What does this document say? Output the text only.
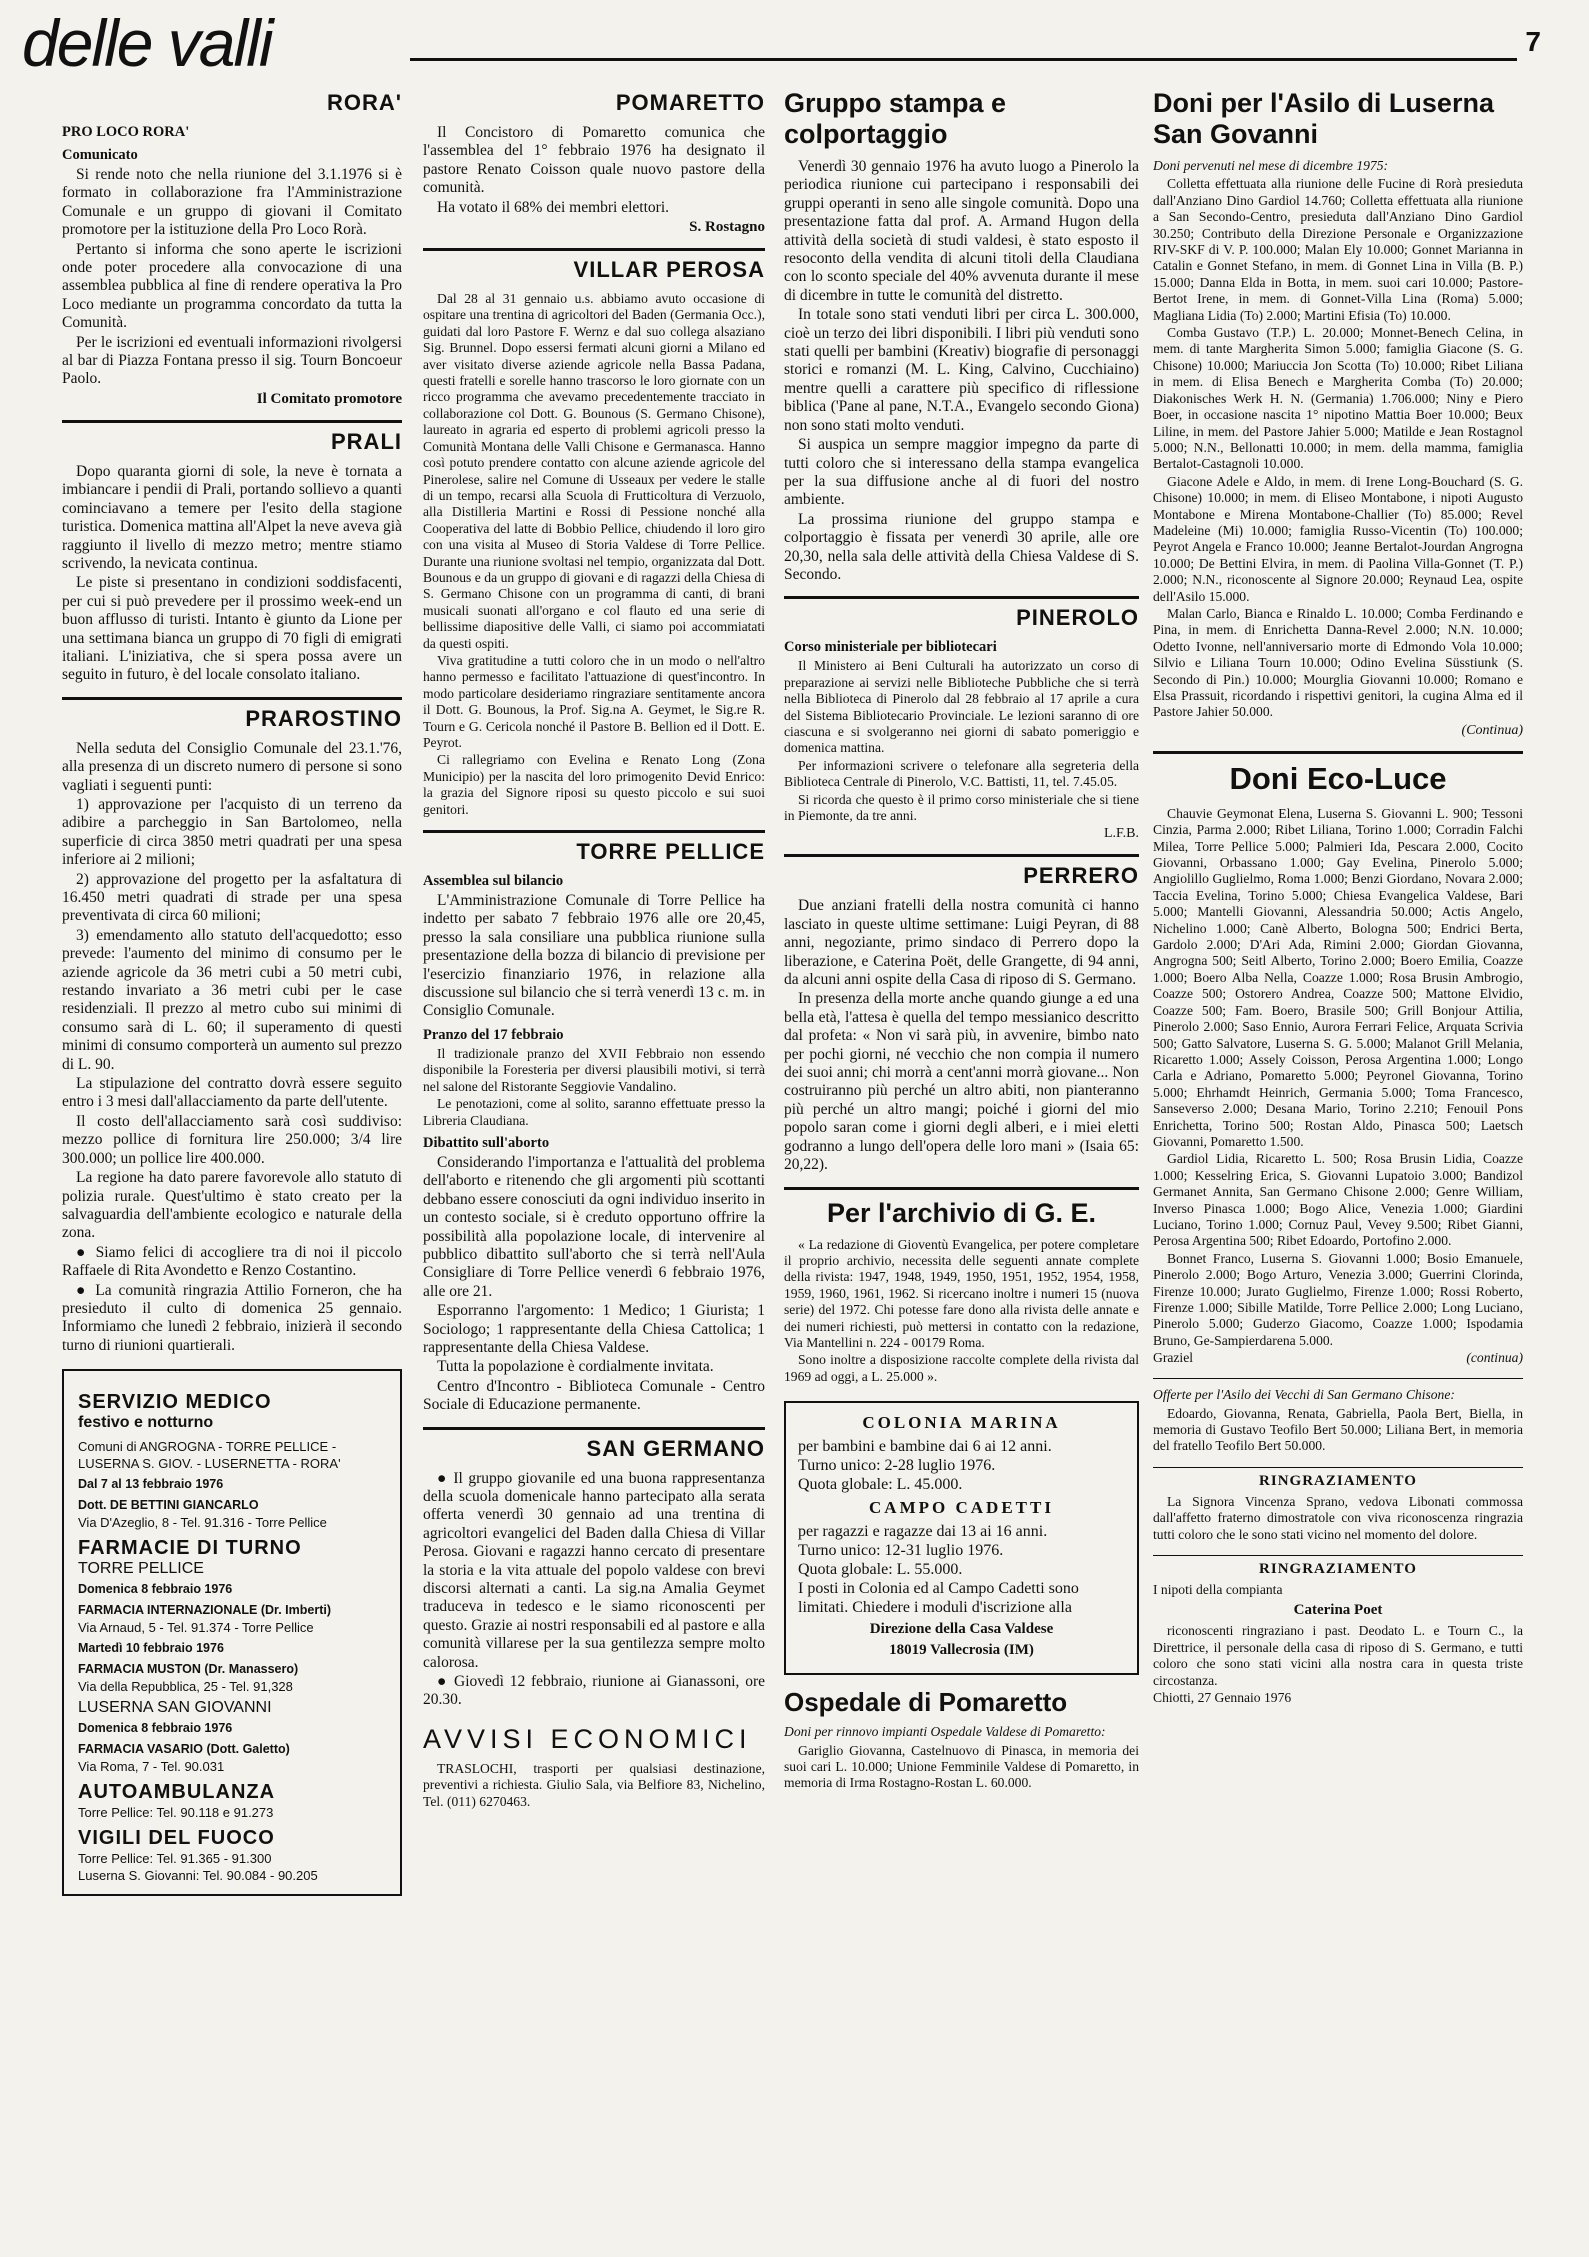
delle valli	7
RORA'
PRO LOCO RORA'
Comunicato

Si rende noto che nella riunione del 3.1.1976 si è formato in collaborazione fra l'Amministrazione Comunale e un gruppo di giovani il Comitato promotore per la istituzione della Pro Loco Rorà.

Pertanto si informa che sono aperte le iscrizioni onde poter procedere alla convocazione di una assemblea pubblica al fine di rendere operativa la Pro Loco mediante un programma concordato da tutta la Comunità.

Per le iscrizioni ed eventuali informazioni rivolgersi al bar di Piazza Fontana presso il sig. Tourn Boncoeur Paolo.

Il Comitato promotore
PRALI

Dopo quaranta giorni di sole, la neve è tornata a imbiancare i pendii di Prali, portando sollievo a quanti cominciavano a temere per l'esito della stagione turistica. Domenica mattina all'Alpet la neve aveva già raggiunto il livello di mezzo metro; mentre stiamo scrivendo, la nevicata continua.

Le piste si presentano in condizioni soddisfacenti, per cui si può prevedere per il prossimo week-end un buon afflusso di turisti. Intanto è giunto da Lione per una settimana bianca un gruppo di 70 figli di emigrati italiani. L'iniziativa, che si spera possa avere un seguito in futuro, è del locale consolato italiano.

PRAROSTINO

Nella seduta del Consiglio Comunale del 23.1.'76, alla presenza di un discreto numero di persone si sono vagliati i seguenti punti:

1) approvazione per l'acquisto di un terreno da adibire a parcheggio in San Bartolomeo, nella superficie di circa 3850 metri quadrati per una spesa inferiore ai 2 milioni;

2) approvazione del progetto per la asfaltatura di 16.450 metri quadrati di strade per una spesa preventivata di circa 60 milioni;

3) emendamento allo statuto dell'acquedotto; esso prevede: l'aumento del minimo di consumo per le aziende agricole da 36 metri cubi a 50 metri cubi, restando invariato a 36 metri cubi per le case residenziali. Il prezzo al metro cubo sui minimi di consumo sarà di L. 60; il superamento di questi minimi di consumo comporterà un aumento sul prezzo di L. 90.

La stipulazione del contratto dovrà essere seguito entro i 3 mesi dall'allacciamento da parte dell'utente.

Il costo dell'allacciamento sarà così suddiviso: mezzo pollice di fornitura lire 250.000; 3/4 lire 300.000; un pollice lire 400.000.

La regione ha dato parere favorevole allo statuto di polizia rurale. Quest'ultimo è stato creato per la salvaguardia dell'ambiente ecologico e naturale della zona.

● Siamo felici di accogliere tra di noi il piccolo Raffaele di Rita Avondetto e Renzo Costantino.

● La comunità ringrazia Attilio Forneron, che ha presieduto il culto di domenica 25 gennaio. Informiamo che lunedì 2 febbraio, inizierà il secondo turno di riunioni quartierali.

SERVIZIO MEDICO
festivo e notturno

Comuni di ANGROGNA - TORRE PELLICE -

LUSERNA S. GIOV. - LUSERNETTA - RORA'

Dal 7 al 13 febbraio 1976

Dott. DE BETTINI GIANCARLO

Via D'Azeglio, 8 - Tel. 91.316 - Torre Pellice

FARMACIE DI TURNO

TORRE PELLICE

Domenica 8 febbraio 1976

FARMACIA INTERNAZIONALE (Dr. Imberti)

Via Arnaud, 5 - Tel. 91.374 - Torre Pellice

Martedì 10 febbraio 1976

FARMACIA MUSTON (Dr. Manassero)

Via della Repubblica, 25 - Tel. 91,328

LUSERNA SAN GIOVANNI

Domenica 8 febbraio 1976

FARMACIA VASARIO (Dott. Galetto)

Via Roma, 7 - Tel. 90.031

AUTOAMBULANZA

Torre Pellice: Tel. 90.118 e 91.273

VIGILI DEL FUOCO

Torre Pellice: Tel. 91.365 - 91.300

Luserna S. Giovanni: Tel. 90.084 - 90.205

POMARETTO

Il Concistoro di Pomaretto comunica che l'assemblea del 1° febbraio 1976 ha designato il pastore Renato Coisson quale nuovo pastore della comunità.

Ha votato il 68% dei membri elettori.

S. Rostagno
VILLAR PEROSA

Dal 28 al 31 gennaio u.s. abbiamo avuto occasione di ospitare una trentina di agricoltori del Baden (Germania Occ.), guidati dal loro Pastore F. Wernz e dal suo collega alsaziano Sig. Brunnel. Dopo essersi fermati alcuni giorni a Milano ed aver visitato diverse aziende agricole nella Bassa Padana, questi fratelli e sorelle hanno trascorso le loro giornate con un ricco programma che avevamo precedentemente tracciato in collaborazione col Dott. G. Bounous (S. Germano Chisone), laureato in agraria ed esperto di problemi agricoli presso la Comunità Montana delle Valli Chisone e Germanasca. Hanno così potuto prendere contatto con alcune aziende agricole del Pinerolese, salire nel Comune di Usseaux per vedere le stalle di un tempo, recarsi alla Scuola di Frutticoltura di Verzuolo, alla Distilleria Martini e Rossi di Pessione nonché alla Cooperativa del latte di Bobbio Pellice, chiudendo il loro giro con una visita al Museo di Storia Valdese di Torre Pellice. Durante una riunione svoltasi nel tempio, organizzata dal Dott. Bounous e da un gruppo di giovani e di ragazzi della Chiesa di S. Germano Chisone con un programma di canti, di brani musicali suonati all'organo e col flauto ed una serie di bellissime diapositive delle Valli, ci siamo poi accommiatati da questi ospiti.

Viva gratitudine a tutti coloro che in un modo o nell'altro hanno permesso e facilitato l'attuazione di quest'incontro. In modo particolare desideriamo ringraziare sentitamente ancora il Dott. G. Bounous, la Prof. Sig.na A. Geymet, le Sig.re R. Tourn e G. Cericola nonché il Pastore B. Bellion ed il Dott. E. Peyrot.

Ci rallegriamo con Evelina e Renato Long (Zona Municipio) per la nascita del loro primogenito Devid Enrico: la grazia del Signore riposi su questo piccolo e sui suoi genitori.

TORRE PELLICE
Assemblea sul bilancio

L'Amministrazione Comunale di Torre Pellice ha indetto per sabato 7 febbraio 1976 alle ore 20,45, presso la sala consiliare una pubblica riunione sulla presentazione della bozza di bilancio di previsione per l'esercizio finanziario 1976, in relazione alla discussione sul bilancio che si terrà venerdì 13 c. m. in Consiglio Comunale.

Pranzo del 17 febbraio

Il tradizionale pranzo del XVII Febbraio non essendo disponibile la Foresteria per diversi plausibili motivi, si terrà nel salone del Ristorante Seggiovie Vandalino.

Le penotazioni, come al solito, saranno effettuate presso la Libreria Claudiana.

Dibattito sull'aborto

Considerando l'importanza e l'attualità del problema dell'aborto e ritenendo che gli argomenti più scottanti debbano essere conosciuti da ogni individuo inserito in un contesto sociale, si è creduto opportuno offrire la possibilità alla popolazione locale, di intervenire al pubblico dibattito sull'aborto che si terrà nell'Aula Consigliare di Torre Pellice venerdì 6 febbraio 1976, alle ore 21.

Esporranno l'argomento: 1 Medico; 1 Giurista; 1 Sociologo; 1 rappresentante della Chiesa Cattolica; 1 rappresentante della Chiesa Valdese.

Tutta la popolazione è cordialmente invitata.

Centro d'Incontro - Biblioteca Comunale - Centro Sociale di Educazione permanente.

SAN GERMANO

● Il gruppo giovanile ed una buona rappresentanza della scuola domenicale hanno partecipato alla serata offerta venerdì 30 gennaio ad una trentina di agricoltori evangelici del Baden dalla Chiesa di Villar Perosa. Giovani e ragazzi hanno cercato di presentare la storia e la vita attuale del popolo valdese con brevi discorsi alternati a canti. La sig.na Amalia Geymet traduceva in tedesco e le siamo riconoscenti per questo. Grazie ai nostri responsabili ed al pastore e alla comunità villarese per la sua gentilezza sempre molto calorosa.

● Giovedì 12 febbraio, riunione ai Gianassoni, ore 20.30.

AVVISI ECONOMICI

TRASLOCHI, trasporti per qualsiasi destinazione, preventivi a richiesta. Giulio Sala, via Belfiore 83, Nichelino, Tel. (011) 6270463.

Gruppo stampa e colportaggio

Venerdì 30 gennaio 1976 ha avuto luogo a Pinerolo la periodica riunione cui partecipano i responsabili dei gruppi operanti in seno alle singole comunità. Dopo una presentazione fatta dal prof. A. Armand Hugon della attività della società di studi valdesi, è stato esposto il resoconto della vendita di alcuni titoli della Claudiana con lo sconto speciale del 40% avvenuta durante il mese di dicembre in tutte le comunità del distretto.

In totale sono stati venduti libri per circa L. 300.000, cioè un terzo dei libri disponibili. I libri più venduti sono stati quelli per bambini (Kreativ) biografie di personaggi storici e romanzi (M. L. King, Calvino, Cucchiaino) mentre quelli a carattere più specifico di riflessione biblica ('Pane al pane, N.T.A., Evangelo secondo Giona) non sono stati molto venduti.

Si auspica un sempre maggior impegno da parte di tutti coloro che si interessano della stampa evangelica per la sua diffusione anche al di fuori del nostro ambiente.

La prossima riunione del gruppo stampa e colportaggio è fissata per venerdì 30 aprile, alle ore 20,30, nella sala delle attività della Chiesa Valdese di S. Secondo.

PINEROLO
Corso ministeriale per bibliotecari

Il Ministero ai Beni Culturali ha autorizzato un corso di preparazione ai servizi nelle Biblioteche Pubbliche che si terrà nella Biblioteca di Pinerolo dal 28 febbraio al 17 aprile a cura del Sistema Bibliotecario Provinciale. Le lezioni saranno di ore ciascuna e si svolgeranno nei giorni di sabato pomeriggio e domenica mattina.

Per informazioni scrivere o telefonare alla segreteria della Biblioteca Centrale di Pinerolo, V.C. Battisti, 11, tel. 7.45.05.

Si ricorda che questo è il primo corso ministeriale che si tiene in Piemonte, da tre anni.

L.F.B.
PERRERO

Due anziani fratelli della nostra comunità ci hanno lasciato in queste ultime settimane: Luigi Peyran, di 88 anni, negoziante, primo sindaco di Perrero dopo la liberazione, e Caterina Poët, delle Grangette, di 94 anni, da alcuni anni ospite della Casa di riposo di S. Germano.

In presenza della morte anche quando giunge a ed una bella età, l'attesa è quella del tempo messianico descritto dal profeta: « Non vi sarà più, in avvenire, bimbo nato per pochi giorni, né vecchio che non compia il numero dei suoi anni; chi morrà a cent'anni morrà giovane... Non costruiranno più perché un altro abiti, non pianteranno più perché un altro mangi; poiché i giorni del mio popolo saran come i giorni degli alberi, e i miei eletti godranno a lungo dell'opera delle loro mani » (Isaia 65: 20,22).

Per l'archivio di G. E.

« La redazione di Gioventù Evangelica, per potere completare il proprio archivio, necessita delle seguenti annate complete della rivista: 1947, 1948, 1949, 1950, 1951, 1952, 1954, 1958, 1959, 1960, 1961, 1962. Si ricercano inoltre i numeri 15 (nuova serie) del 1972. Chi potesse fare dono alla rivista delle annate e dei numeri richiesti, può mettersi in contatto con la redazione, Via Mantellini n. 224 - 00179 Roma.

Sono inoltre a disposizione raccolte complete della rivista dal 1969 ad oggi, a L. 25.000 ».

COLONIA MARINA

per bambini e bambine dai 6 ai 12 anni.

Turno unico: 2-28 luglio 1976.

Quota globale: L. 45.000.

CAMPO CADETTI

per ragazzi e ragazze dai 13 ai 16 anni.

Turno unico: 12-31 luglio 1976.

Quota globale: L. 55.000.

I posti in Colonia ed al Campo Cadetti sono limitati. Chiedere i moduli d'iscrizione alla

Direzione della Casa Valdese

18019 Vallecrosia (IM)

Ospedale di Pomaretto

Doni per rinnovo impianti Ospedale Valdese di Pomaretto:

Gariglio Giovanna, Castelnuovo di Pinasca, in memoria dei suoi cari L. 10.000; Unione Femminile Valdese di Pomaretto, in memoria di Irma Rostagno-Rostan L. 60.000.

Doni per l'Asilo di Luserna San Govanni

Doni pervenuti nel mese di dicembre 1975:

Colletta effettuata alla riunione delle Fucine di Rorà presieduta dall'Anziano Dino Gardiol 14.760; Colletta effettuata alla riunione a San Secondo-Centro, presieduta dall'Anziano Dino Gardiol 30.250; Contributo della Direzione Personale e Organizzazione RIV-SKF di V. P. 100.000; Malan Ely 10.000; Gonnet Marianna in Catalin e Gonnet Stefano, in mem. di Gonnet Lina in Villa (B. P.) 15.000; Danna Elda in Botta, in mem. suoi cari 10.000; Pastore-Bertot Irene, in mem. di Gonnet-Villa Lina (Roma) 5.000; Magliana Lidia (To) 2.000; Martini Efisia (To) 10.000.

Comba Gustavo (T.P.) L. 20.000; Monnet-Benech Celina, in mem. di tante Margherita Simon 5.000; famiglia Giacone (S. G. Chisone) 10.000; Mariuccia Jon Scotta (To) 10.000; Ribet Liliana in mem. di Elisa Benech e Margherita Comba (To) 20.000; Diakonisches Werk H. N. (Germania) 1.706.000; Niny e Piero Boer, in occasione nascita 1° nipotino Mattia Boer 10.000; Beux Liline, in mem. del Pastore Jahier 5.000; Matilde e Jean Rostagnol 5.000; N.N., Bellonatti 10.000; in mem. della mamma, famiglia Bertalot-Castagnoli 10.000.

Giacone Adele e Aldo, in mem. di Irene Long-Bouchard (S. G. Chisone) 10.000; in mem. di Eliseo Montabone, i nipoti Augusto Montabone e Mirena Montabone-Challier (To) 85.000; Revel Madeleine (Mi) 10.000; famiglia Russo-Vicentin (To) 100.000; Peyrot Angela e Franco 10.000; Jeanne Bertalot-Jourdan Angrogna 10.000; De Bettini Elvira, in mem. di Paolina Villa-Gonnet (T. P.) 2.000; N.N., riconoscente al Signore 20.000; Reynaud Lea, ospite dell'Asilo 15.000.

Malan Carlo, Bianca e Rinaldo L. 10.000; Comba Ferdinando e Pina, in mem. di Enrichetta Danna-Revel 2.000; N.N. 10.000; Odetto Ivonne, nell'anniversario morte di Edmondo Vola 10.000; Silvio e Liliana Tourn 10.000; Odino Evelina Süsstiunk (S. Secondo di Pin.) 10.000; Mourglia Giovanni 10.000; Romano e Elsa Prassuit, ricordando i rispettivi genitori, la cugina Alma ed il Pastore Jahier 50.000.

(Continua)
Doni Eco-Luce

Chauvie Geymonat Elena, Luserna S. Giovanni L. 900; Tessoni Cinzia, Parma 2.000; Ribet Liliana, Torino 1.000; Corradin Falchi Milea, Torre Pellice 5.000; Palmieri Ida, Pescara 2.000, Cocito Giovanni, Orbassano 1.000; Gay Evelina, Pinerolo 5.000; Angiolillo Guglielmo, Roma 1.000; Benzi Giordano, Novara 2.000; Taccia Evelina, Torino 5.000; Chiesa Evangelica Valdese, Bari 5.000; Mantelli Giovanni, Alessandria 50.000; Actis Angelo, Nichelino 1.000; Canè Alberto, Bologna 500; Endrici Berta, Gardolo 2.000; D'Ari Ada, Rimini 2.000; Giordan Giovanna, Angrogna 500; Seitl Alberto, Torino 2.000; Boero Emilia, Coazze 1.000; Boero Alba Nella, Coazze 1.000; Rosa Brusin Ambrogio, Coazze 500; Ostorero Andrea, Coazze 500; Mattone Elvidio, Coazze 500; Fam. Boero, Brasile 500; Grill Bonjour Attilia, Pinerolo 2.000; Saso Ennio, Aurora Ferrari Felice, Arquata Scrivia 500; Gatto Salvatore, Luserna S. G. 5.000; Malanot Grill Melania, Ricaretto 1.000; Assely Coisson, Perosa Argentina 1.000; Longo Carla e Adriano, Pomaretto 5.000; Peyronel Giovanna, Torino 5.000; Ehrhamdt Heinrich, Germania 5.000; Toma Francesco, Sanseverso 2.000; Desana Mario, Torino 2.210; Fenouil Pons Enrichetta, Torino 500; Rostan Aldo, Pinasca 500; Laetsch Giovanni, Pomaretto 1.500.

Gardiol Lidia, Ricaretto L. 500; Rosa Brusin Lidia, Coazze 1.000; Kesselring Erica, S. Giovanni Lupatoio 3.000; Bandizol Germanet Annita, San Germano Chisone 2.000; Genre William, Inverso Pinasca 1.000; Bogo Alice, Venezia 1.000; Giardini Luciano, Torino 1.000; Cornuz Paul, Vevey 9.500; Ribet Gianni, Perosa Argentina 500; Ribet Edoardo, Portofino 2.000.

Bonnet Franco, Luserna S. Giovanni 1.000; Bosio Emanuele, Pinerolo 2.000; Bogo Arturo, Venezia 3.000; Guerrini Clorinda, Firenze 10.000; Jurato Guglielmo, Firenze 1.000; Rossi Roberto, Firenze 1.000; Sibille Matilde, Torre Pellice 2.000; Long Luciano, Pinerolo 5.000; Guderzo Giacomo, Coazze 1.000; Ispodamia Bruno, Ge-Sampierdarena 5.000.

Graziel	(continua)

Offerte per l'Asilo dei Vecchi di San Germano Chisone:

Edoardo, Giovanna, Renata, Gabriella, Paola Bert, Biella, in memoria di Gustavo Teofilo Bert 50.000; Liliana Bert, in memoria del fratello Teofilo Bert 50.000.

RINGRAZIAMENTO

La Signora Vincenza Sprano, vedova Libonati commossa dall'affetto fraterno dimostratole con viva riconoscenza ringrazia tutti coloro che le sono stati vicino nel momento del dolore.

RINGRAZIAMENTO

I nipoti della compianta

Caterina Poet

riconoscenti ringraziano i past. Deodato L. e Tourn C., la Direttrice, il personale della casa di riposo di S. Germano, e tutti coloro che sono stati vicini alla nostra cara in questa triste circostanza.

Chiotti, 27 Gennaio 1976
